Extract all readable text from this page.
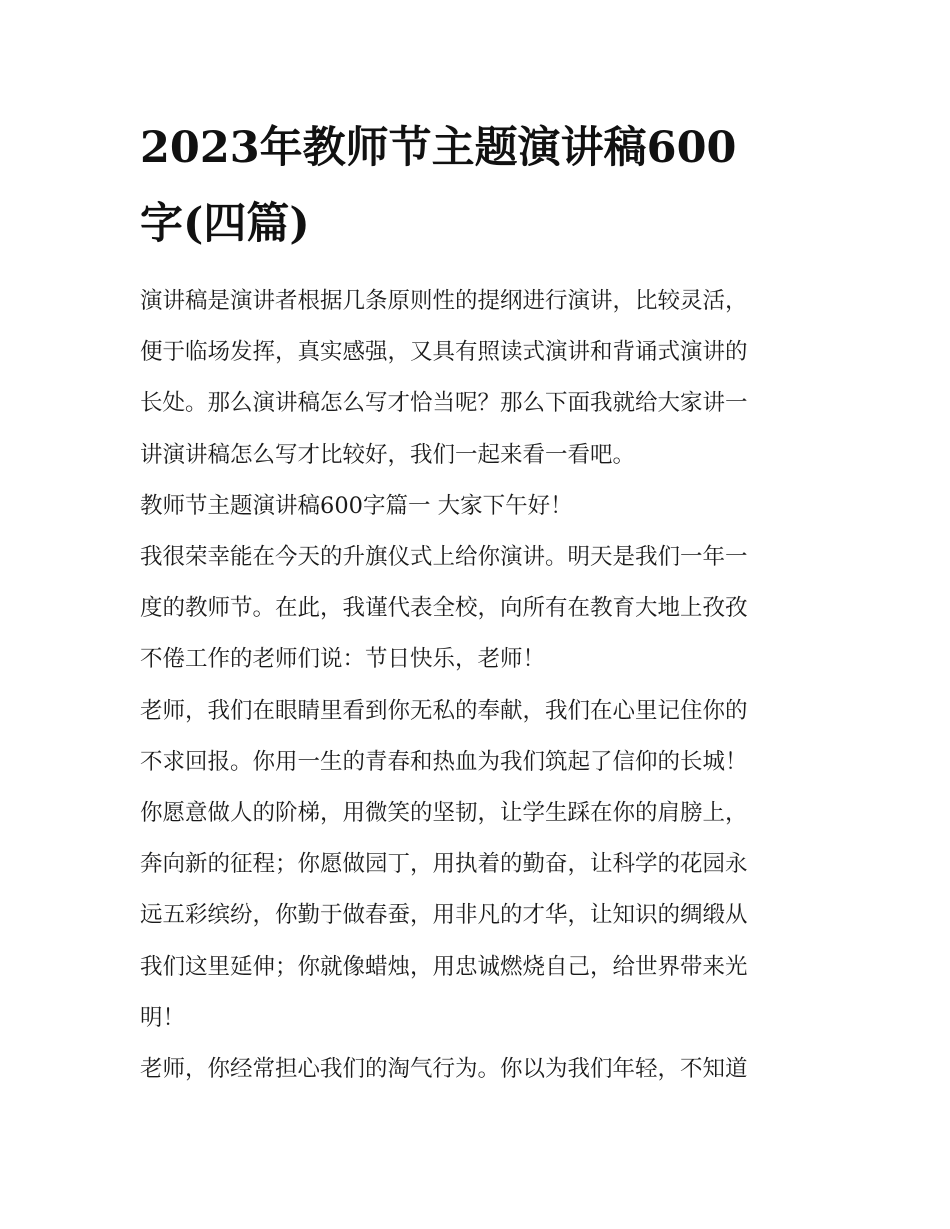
2023年教师节主题演讲稿600
字(四篇)
演讲稿是演讲者根据几条原则性的提纲进行演讲，比较灵活，
便于临场发挥，真实感强，又具有照读式演讲和背诵式演讲的
长处。那么演讲稿怎么写才恰当呢？那么下面我就给大家讲一
讲演讲稿怎么写才比较好，我们一起来看一看吧。
教师节主题演讲稿600字篇一 大家下午好！
我很荣幸能在今天的升旗仪式上给你演讲。明天是我们一年一
度的教师节。在此，我谨代表全校，向所有在教育大地上孜孜
不倦工作的老师们说：节日快乐，老师！
老师，我们在眼睛里看到你无私的奉献，我们在心里记住你的
不求回报。你用一生的青春和热血为我们筑起了信仰的长城！
你愿意做人的阶梯，用微笑的坚韧，让学生踩在你的肩膀上，
奔向新的征程；你愿做园丁，用执着的勤奋，让科学的花园永
远五彩缤纷，你勤于做春蚕，用非凡的才华，让知识的绸缎从
我们这里延伸；你就像蜡烛，用忠诚燃烧自己，给世界带来光
明！
老师，你经常担心我们的淘气行为。你以为我们年轻，不知道
